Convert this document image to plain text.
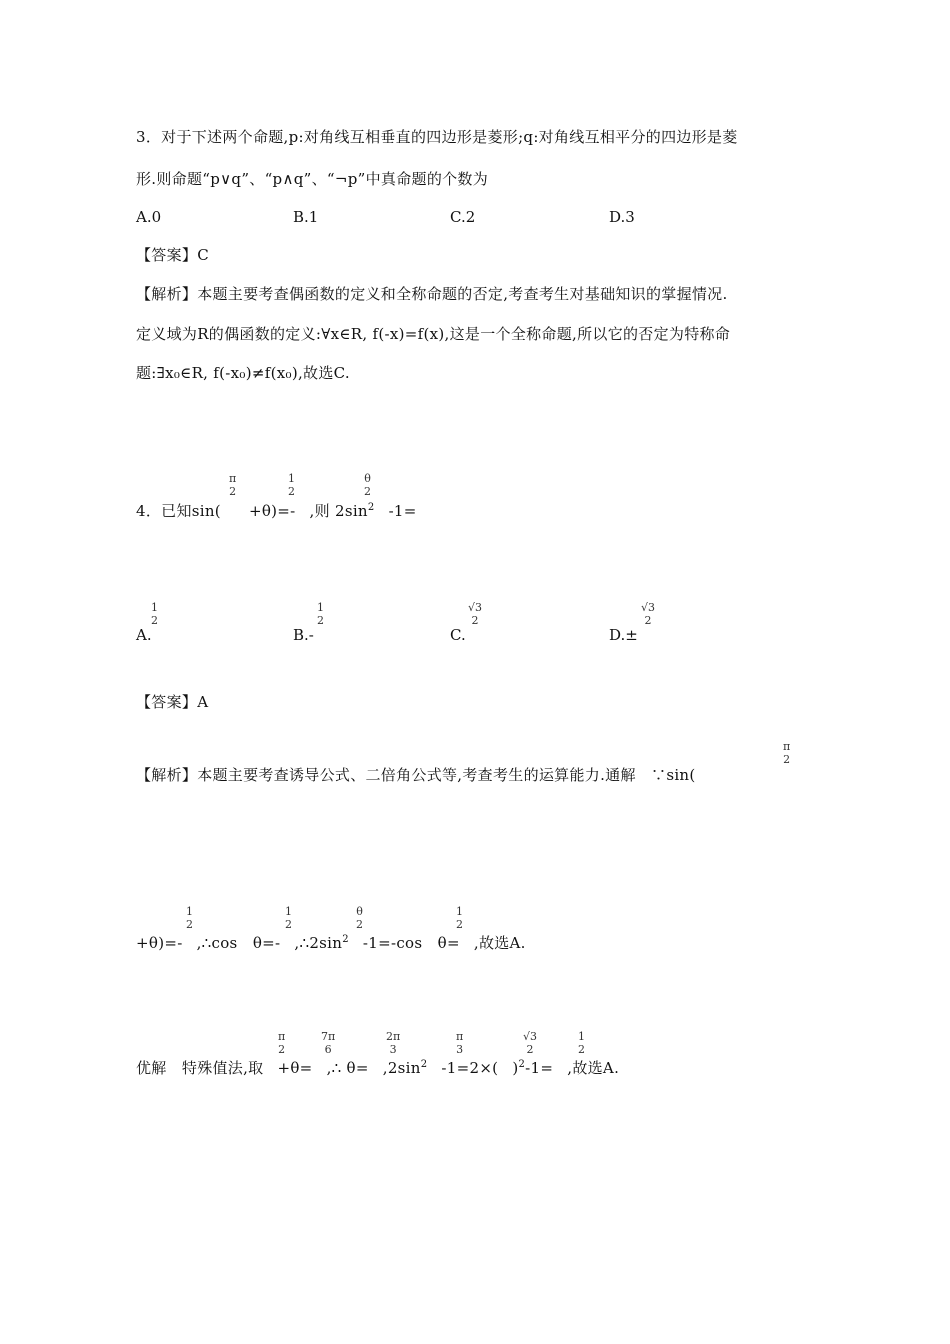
3．对于下述两个命题,p:对角线互相垂直的四边形是菱形;q:对角线互相平分的四边形是菱
形.则命题“p∨q”、“p∧q”、“¬p”中真命题的个数为
A.0	B.1	C.2	D.3
【答案】C
【解析】本题主要考查偶函数的定义和全称命题的否定,考查考生对基础知识的掌握情况.
定义域为R的偶函数的定义:∀x∈R, f(-x)=f(x),这是一个全称命题,所以它的否定为特称命
题:∃x₀∈R, f(-x₀)≠f(x₀),故选C.
4．已知sin( +θ)=- ,则 $2\sin^2$ -1=
π
2
1
2
θ
2
A.
1
2
B.-
1
2
C.
√3
2
D.±
√3
2
【答案】A
【解析】本题主要考查诱导公式、二倍角公式等,考查考生的运算能力.通解　∵sin(
π
2
+θ)=- ,∴cos　θ=- $,\therefore 2\sin^2$ -1=-cos　θ= ,故选A.
1
2
1
2
θ
2
1
2
优解　特殊值法,取 +θ= ,∴ $\theta= ,2\sin^2$ -1=2×( )$^2$-1= ,故选A.
π
2
7π
6
2π
3
π
3
√3
2
1
2
